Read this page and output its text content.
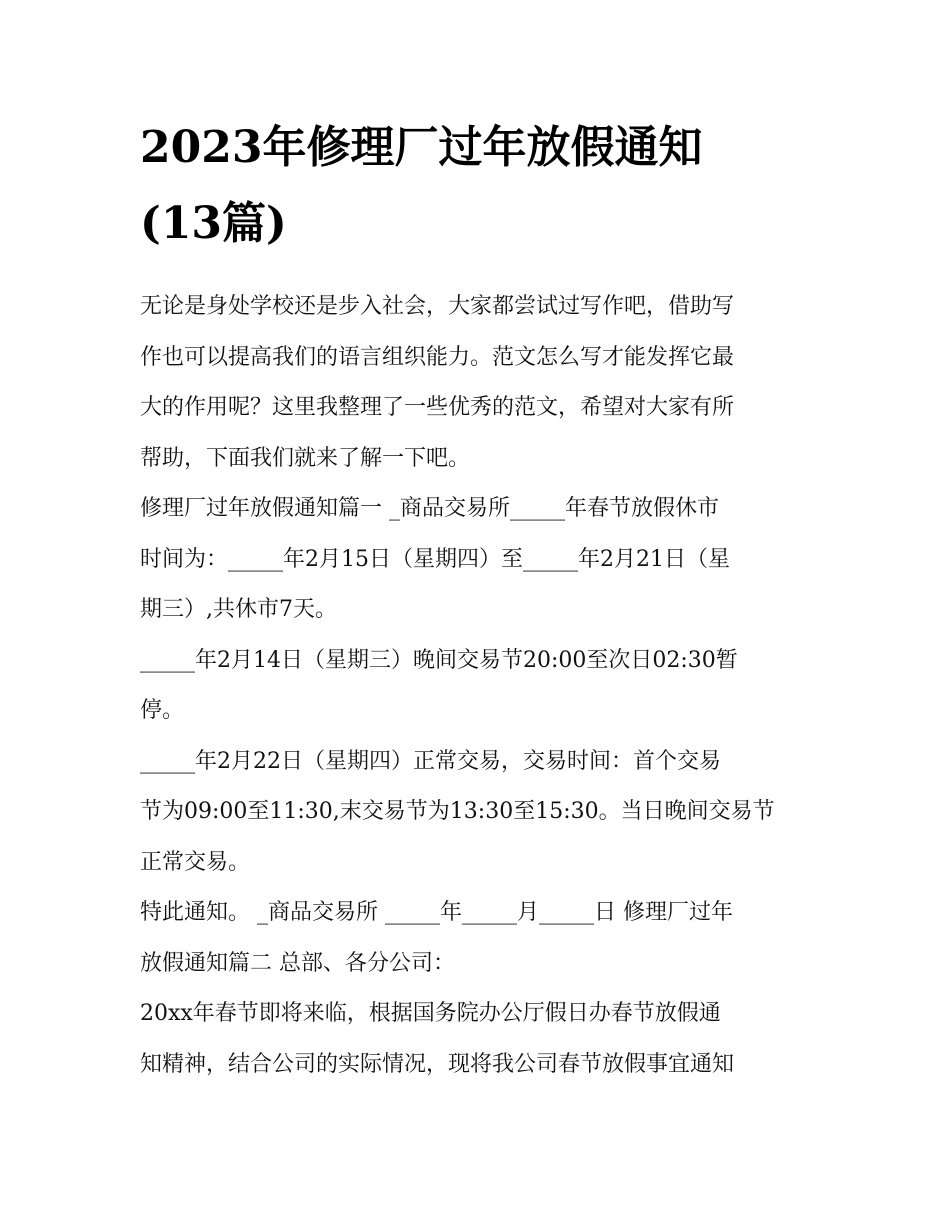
2023年修理厂过年放假通知
(13篇)

无论是身处学校还是步入社会，大家都尝试过写作吧，借助写
作也可以提高我们的语言组织能力。范文怎么写才能发挥它最
大的作用呢？这里我整理了一些优秀的范文，希望对大家有所
帮助，下面我们就来了解一下吧。

修理厂过年放假通知篇一 _商品交易所_____年春节放假休市
时间为：_____年2月15日（星期四）至_____年2月21日（星
期三）,共休市7天。

_____年2月14日（星期三）晚间交易节20:00至次日02:30暂
停。

_____年2月22日（星期四）正常交易，交易时间：首个交易
节为09:00至11:30,末交易节为13:30至15:30。当日晚间交易节
正常交易。

特此通知。 _商品交易所 _____年_____月_____日 修理厂过年
放假通知篇二 总部、各分公司：

20xx年春节即将来临，根据国务院办公厅假日办春节放假通
知精神，结合公司的实际情况，现将我公司春节放假事宜通知
